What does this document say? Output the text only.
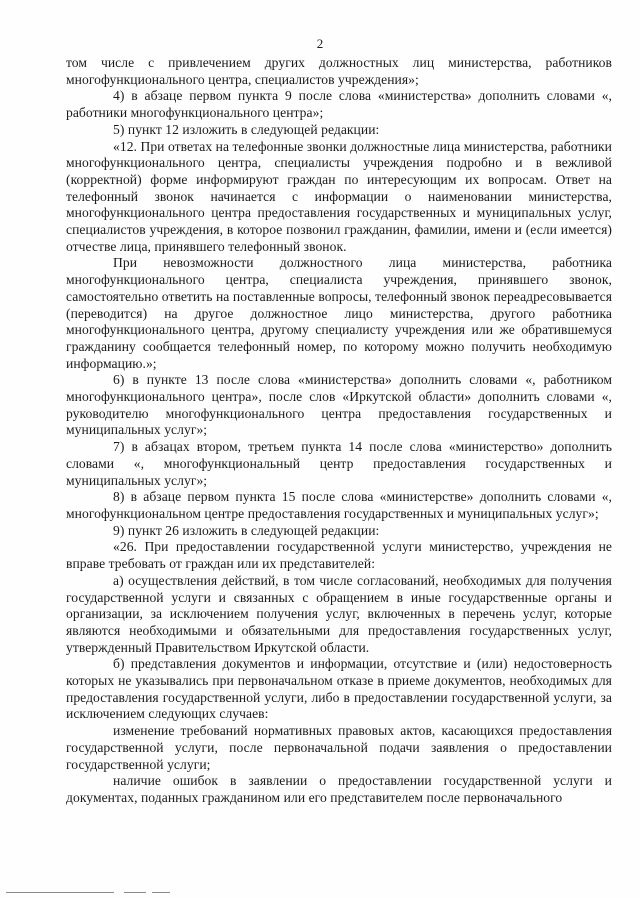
2

том числе с привлечением других должностных лиц министерства, работников многофункционального центра, специалистов учреждения»;

4) в абзаце первом пункта 9 после слова «министерства» дополнить словами «, работники многофункционального центра»;

5) пункт 12 изложить в следующей редакции:

«12. При ответах на телефонные звонки должностные лица министерства, работники многофункционального центра, специалисты учреждения подробно и в вежливой (корректной) форме информируют граждан по интересующим их вопросам. Ответ на телефонный звонок начинается с информации о наименовании министерства, многофункционального центра предоставления государственных и муниципальных услуг, специалистов учреждения, в которое позвонил гражданин, фамилии, имени и (если имеется) отчестве лица, принявшего телефонный звонок.

При невозможности должностного лица министерства, работника многофункционального центра, специалиста учреждения, принявшего звонок, самостоятельно ответить на поставленные вопросы, телефонный звонок переадресовывается (переводится) на другое должностное лицо министерства, другого работника многофункционального центра, другому специалисту учреждения или же обратившемуся гражданину сообщается телефонный номер, по которому можно получить необходимую информацию.»;

6) в пункте 13 после слова «министерства» дополнить словами «, работником многофункционального центра», после слов «Иркутской области» дополнить словами «, руководителю многофункционального центра предоставления государственных и муниципальных услуг»;

7) в абзацах втором, третьем пункта 14 после слова «министерство» дополнить словами «, многофункциональный центр предоставления государственных и муниципальных услуг»;

8) в абзаце первом пункта 15 после слова «министерстве» дополнить словами «, многофункциональном центре предоставления государственных и муниципальных услуг»;

9) пункт 26 изложить в следующей редакции:

«26. При предоставлении государственной услуги министерство, учреждения не вправе требовать от граждан или их представителей:

а) осуществления действий, в том числе согласований, необходимых для получения государственной услуги и связанных с обращением в иные государственные органы и организации, за исключением получения услуг, включенных в перечень услуг, которые являются необходимыми и обязательными для предоставления государственных услуг, утвержденный Правительством Иркутской области.

б) представления документов и информации, отсутствие и (или) недостоверность которых не указывались при первоначальном отказе в приеме документов, необходимых для предоставления государственной услуги, либо в предоставлении государственной услуги, за исключением следующих случаев:

изменение требований нормативных правовых актов, касающихся предоставления государственной услуги, после первоначальной подачи заявления о предоставлении государственной услуги;

наличие ошибок в заявлении о предоставлении государственной услуги и документах, поданных гражданином или его представителем после первоначального
